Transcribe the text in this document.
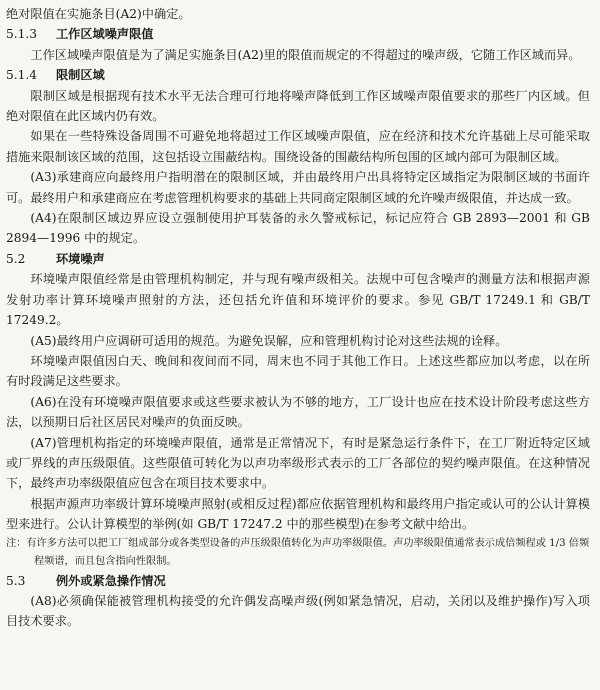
绝对限值在实施条目(A2)中确定。

5.1.3 工作区域噪声限值

工作区域噪声限值是为了满足实施条目(A2)里的限值而规定的不得超过的噪声级，它随工作区域而异。

5.1.4 限制区域

限制区域是根据现有技术水平无法合理可行地将噪声降低到工作区域噪声限值要求的那些厂内区域。但绝对限值在此区域内仍有效。

如果在一些特殊设备周围不可避免地将超过工作区域噪声限值，应在经济和技术允许基础上尽可能采取措施来限制该区域的范围，这包括设立围蔽结构。围绕设备的围蔽结构所包围的区域内部可为限制区域。

(A3)承建商应向最终用户指明潜在的限制区域，并由最终用户出具将特定区域指定为限制区域的书面许可。最终用户和承建商应在考虑管理机构要求的基础上共同商定限制区域的允许噪声级限值，并达成一致。

(A4)在限制区域边界应设立强制使用护耳装备的永久警戒标记，标记应符合 GB 2893—2001 和 GB 2894—1996 中的规定。

5.2	环境噪声

环境噪声限值经常是由管理机构制定，并与现有噪声级相关。法规中可包含噪声的测量方法和根据声源发射功率计算环境噪声照射的方法，还包括允许值和环境评价的要求。参见 GB/T 17249.1 和 GB/T 17249.2。

(A5)最终用户应调研可适用的规范。为避免误解，应和管理机构讨论对这些法规的诠释。

环境噪声限值因白天、晚间和夜间而不同，周末也不同于其他工作日。上述这些都应加以考虑，以在所有时段满足这些要求。

(A6)在没有环境噪声限值要求或这些要求被认为不够的地方，工厂设计也应在技术设计阶段考虑这些方法，以预期日后社区居民对噪声的负面反映。

(A7)管理机构指定的环境噪声限值，通常是正常情况下，有时是紧急运行条件下，在工厂附近特定区域或厂界线的声压级限值。这些限值可转化为以声功率级形式表示的工厂各部位的契约噪声限值。在这种情况下，最终声功率级限值应包含在项目技术要求中。

根据声源声功率级计算环境噪声照射(或相反过程)都应依据管理机构和最终用户指定或认可的公认计算模型来进行。公认计算模型的举例(如 GB/T 17247.2 中的那些模型)在参考文献中给出。

注：有许多方法可以把工厂组成部分或各类型设备的声压级限值转化为声功率级限值。声功率级限值通常表示成倍频程或 1/3 倍频程频谱，而且包含指向性限制。

5.3	例外或紧急操作情况

(A8)必须确保能被管理机构接受的允许偶发高噪声级(例如紧急情况，启动，关闭以及维护操作)写入项目技术要求。
